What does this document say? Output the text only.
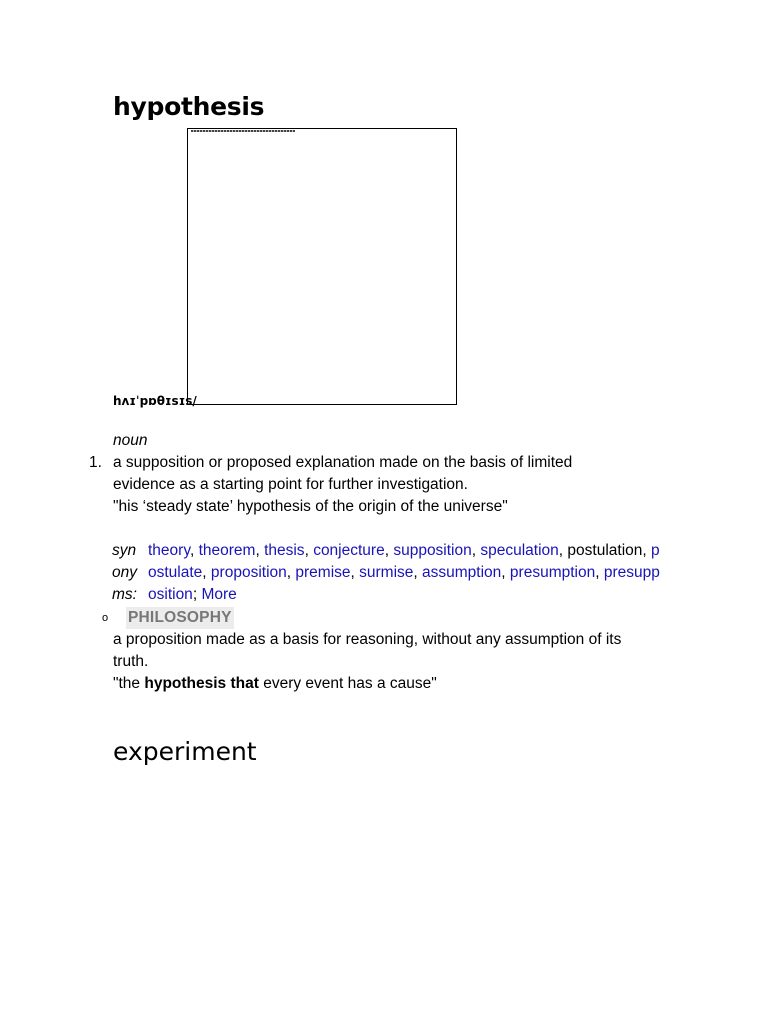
hypothesis
hʌɪˈpɒθɪsɪs/
noun
1. a supposition or proposed explanation made on the basis of limited evidence as a starting point for further investigation.
"his ‘steady state’ hypothesis of the origin of the universe"
syn
ony
ms:
theory, theorem, thesis, conjecture, supposition, speculation, postulation, postulate, proposition, premise, surmise, assumption, presumption, presupposition; More
o PHILOSOPHY
a proposition made as a basis for reasoning, without any assumption of its truth.
"the hypothesis that every event has a cause"
experiment
